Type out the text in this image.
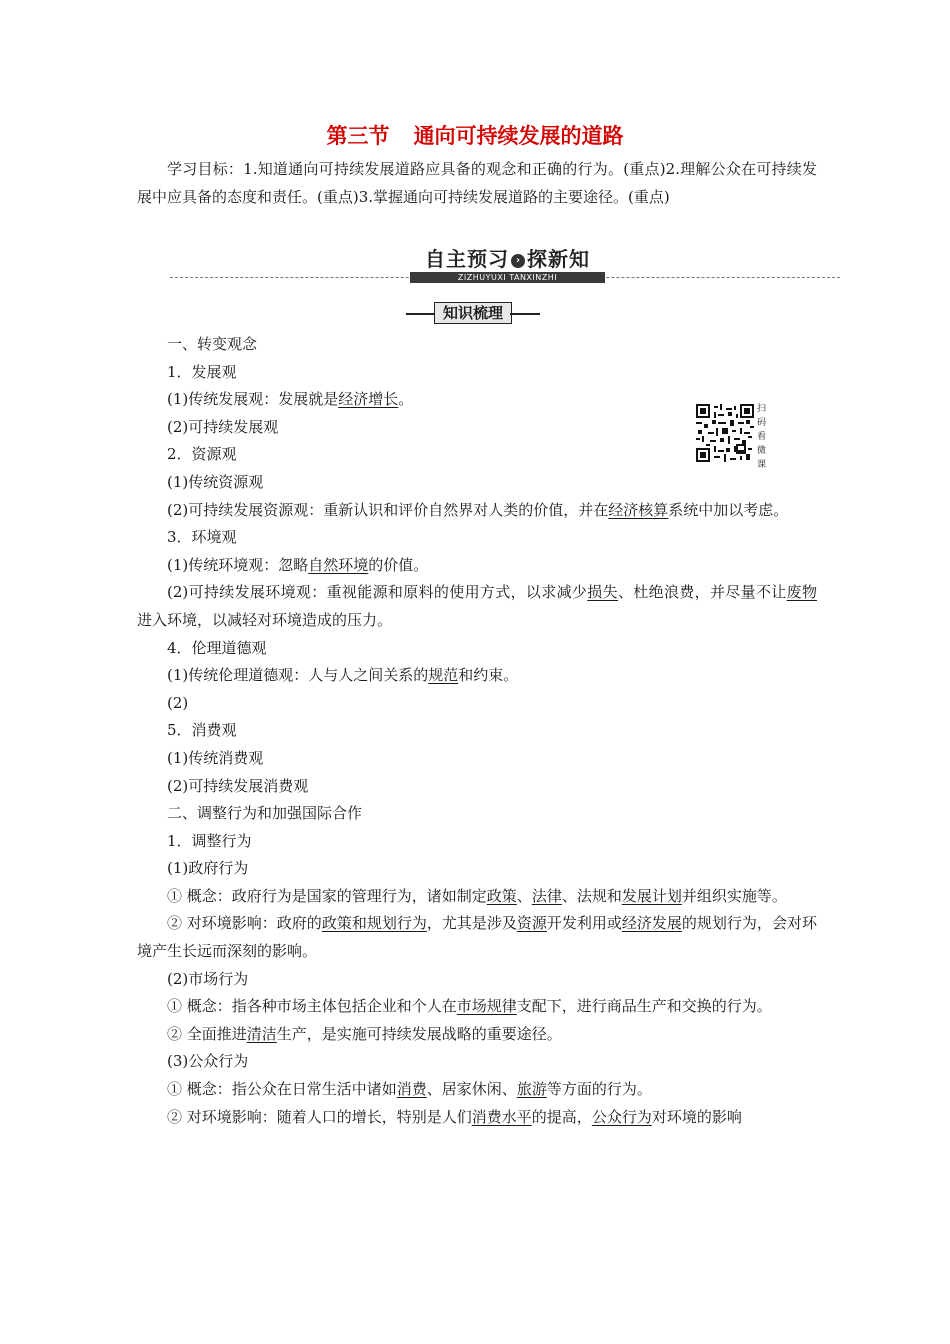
第三节 通向可持续发展的道路
学习目标：1.知道通向可持续发展道路应具备的观念和正确的行为。(重点)2.理解公众在可持续发展中应具备的态度和责任。(重点)3.掌握通向可持续发展道路的主要途径。(重点)
自主预习 › 探新知
ZIZHUYUXI TANXINZHI
知识梳理
扫
码
看
微
课
一、转变观念
1．发展观
(1)传统发展观：发展就是经济增长。
(2)可持续发展观
2．资源观
(1)传统资源观
(2)可持续发展资源观：重新认识和评价自然界对人类的价值，并在经济核算系统中加以考虑。
3．环境观
(1)传统环境观：忽略自然环境的价值。
(2)可持续发展环境观：重视能源和原料的使用方式，以求减少损失、杜绝浪费，并尽量不让废物进入环境，以减轻对环境造成的压力。
4．伦理道德观
(1)传统伦理道德观：人与人之间关系的规范和约束。
(2)
5．消费观
(1)传统消费观
(2)可持续发展消费观
二、调整行为和加强国际合作
1．调整行为
(1)政府行为
① 概念：政府行为是国家的管理行为，诸如制定政策、法律、法规和发展计划并组织实施等。
② 对环境影响：政府的政策和规划行为，尤其是涉及资源开发利用或经济发展的规划行为，会对环境产生长远而深刻的影响。
(2)市场行为
① 概念：指各种市场主体包括企业和个人在市场规律支配下，进行商品生产和交换的行为。
② 全面推进清洁生产，是实施可持续发展战略的重要途径。
(3)公众行为
① 概念：指公众在日常生活中诸如消费、居家休闲、旅游等方面的行为。
② 对环境影响：随着人口的增长，特别是人们消费水平的提高，公众行为对环境的影响
